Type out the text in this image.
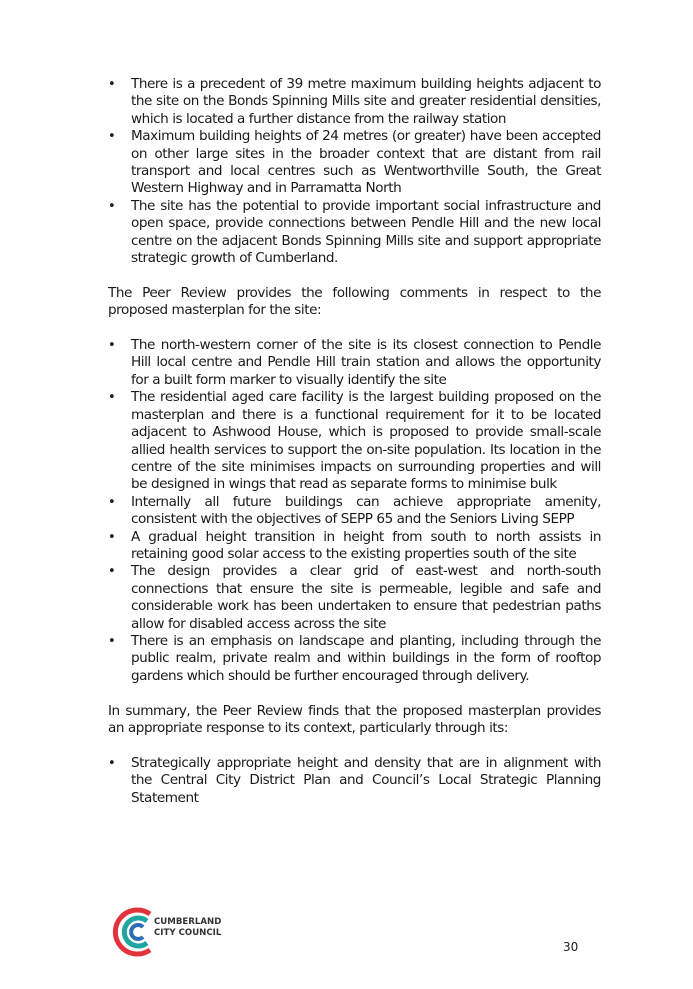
• There is a precedent of 39 metre maximum building heights adjacent to the site on the Bonds Spinning Mills site and greater residential densities, which is located a further distance from the railway station
• Maximum building heights of 24 metres (or greater) have been accepted on other large sites in the broader context that are distant from rail transport and local centres such as Wentworthville South, the Great Western Highway and in Parramatta North
• The site has the potential to provide important social infrastructure and open space, provide connections between Pendle Hill and the new local centre on the adjacent Bonds Spinning Mills site and support appropriate strategic growth of Cumberland.

The Peer Review provides the following comments in respect to the proposed masterplan for the site:

• The north-western corner of the site is its closest connection to Pendle Hill local centre and Pendle Hill train station and allows the opportunity for a built form marker to visually identify the site
• The residential aged care facility is the largest building proposed on the masterplan and there is a functional requirement for it to be located adjacent to Ashwood House, which is proposed to provide small-scale allied health services to support the on-site population. Its location in the centre of the site minimises impacts on surrounding properties and will be designed in wings that read as separate forms to minimise bulk
• Internally all future buildings can achieve appropriate amenity, consistent with the objectives of SEPP 65 and the Seniors Living SEPP
• A gradual height transition in height from south to north assists in retaining good solar access to the existing properties south of the site
• The design provides a clear grid of east-west and north-south connections that ensure the site is permeable, legible and safe and considerable work has been undertaken to ensure that pedestrian paths allow for disabled access across the site
• There is an emphasis on landscape and planting, including through the public realm, private realm and within buildings in the form of rooftop gardens which should be further encouraged through delivery.

In summary, the Peer Review finds that the proposed masterplan provides an appropriate response to its context, particularly through its:

• Strategically appropriate height and density that are in alignment with the Central City District Plan and Council’s Local Strategic Planning Statement
CUMBERLAND
CITY COUNCIL
30
